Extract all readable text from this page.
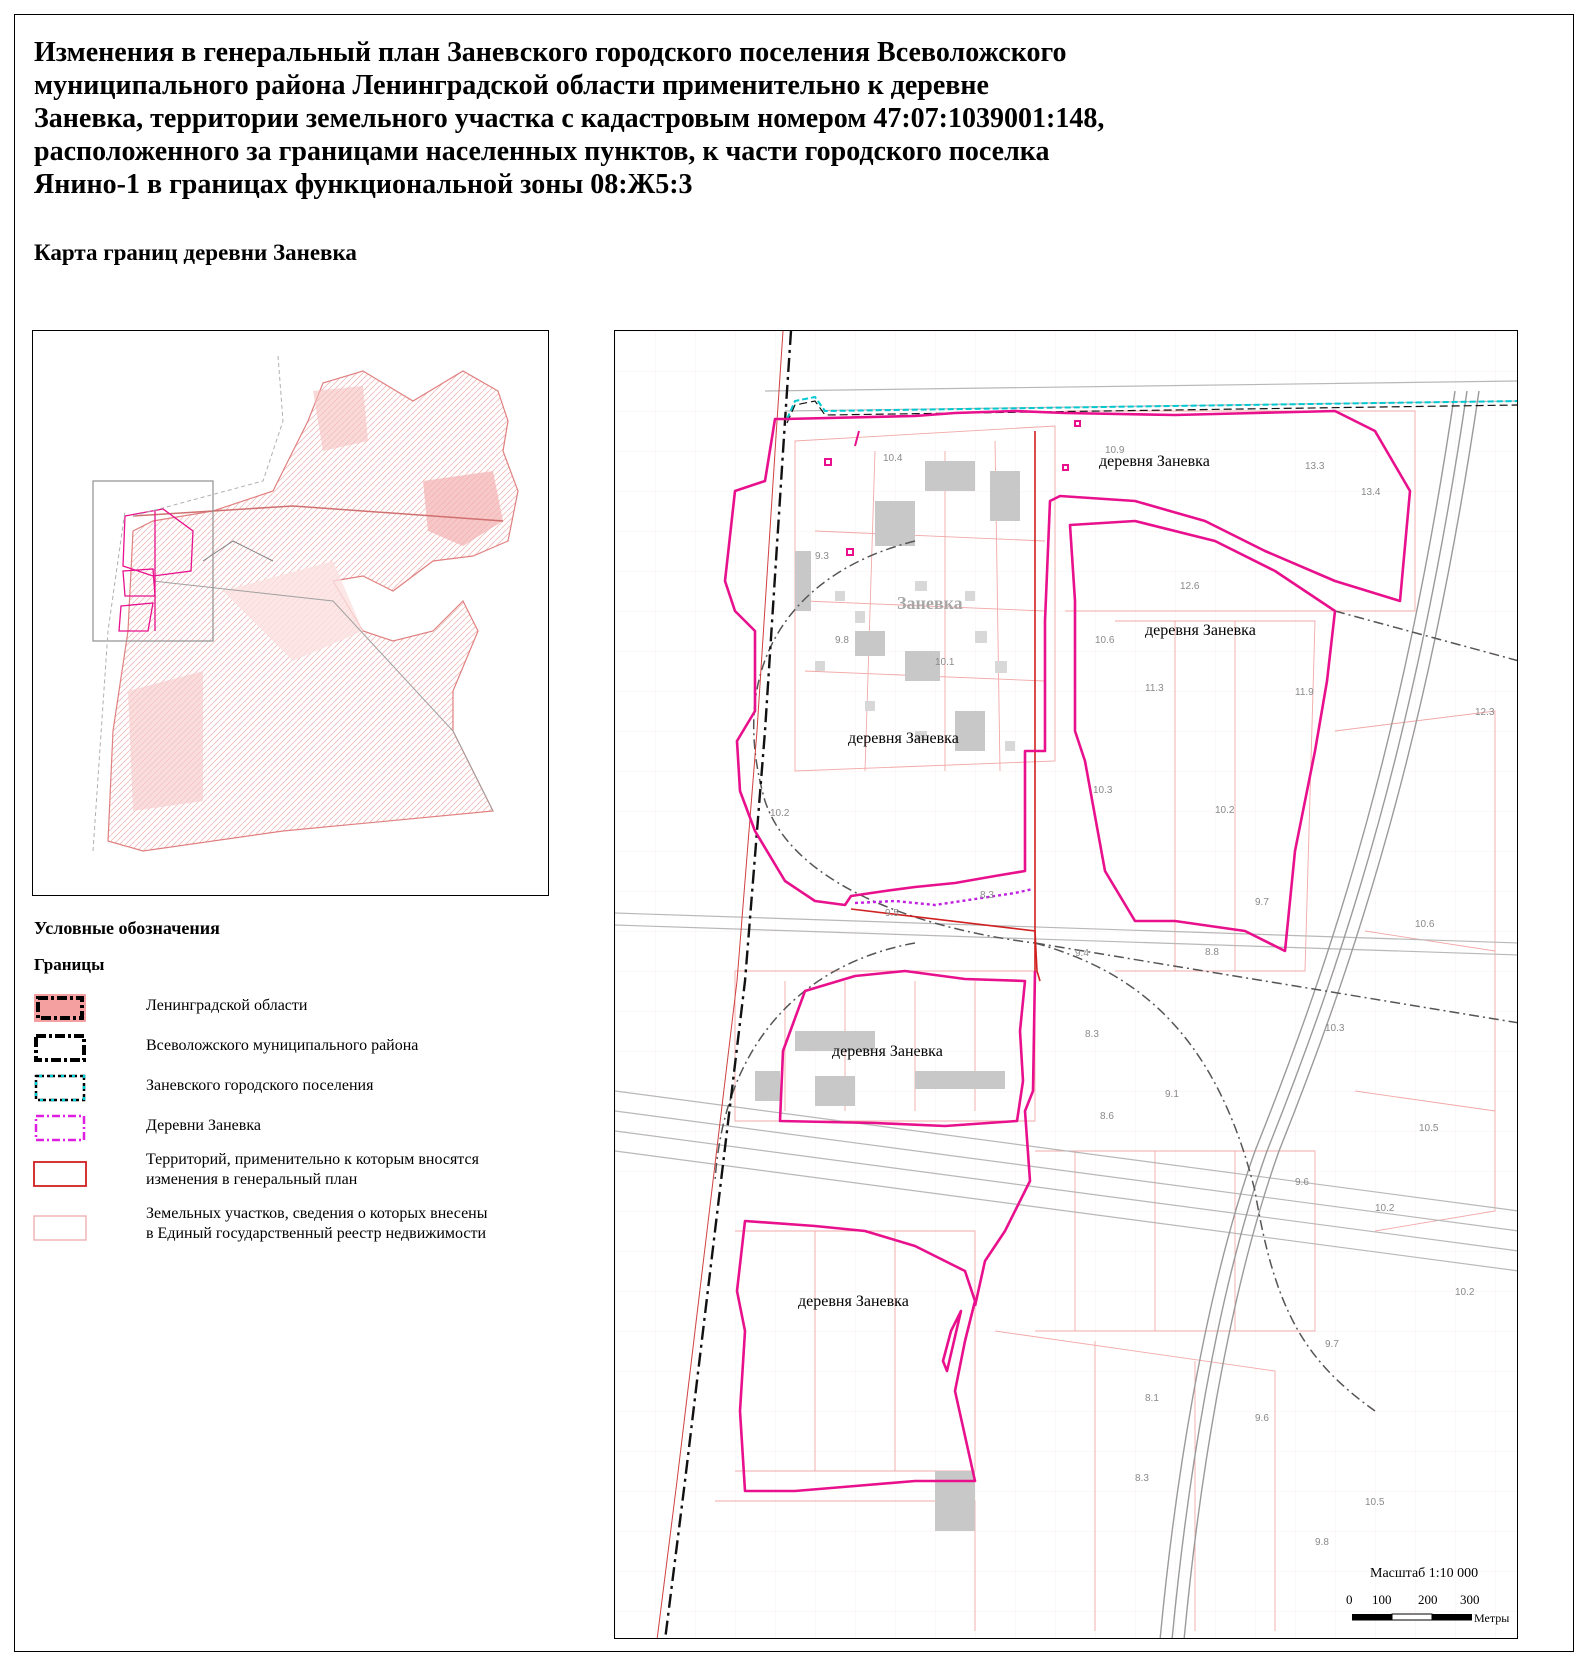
Изменения в генеральный план Заневского городского поселения Всеволожского
муниципального района Ленинградской области применительно к деревне
Заневка, территории земельного участка с кадастровым номером 47:07:1039001:148,
расположенного за границами населенных пунктов, к части городского поселка
Янино-1 в границах функциональной зоны 08:Ж5:3
Карта границ деревни Заневка
10.4
9.3
10.9
13.3
13.4
12.6
10.6
11.3	11.9
10.3
10.2
9.7
8.8
10.2
9.5
8.3
9.4
8.3
8.6
9.1
9.6
10.3
10.5
10.2
10.2
9.7
9.6
8.1
8.3
10.5
9.8
12.3
10.6
9.8
10.1
Заневка
деревня Заневка
деревня Заневка
деревня Заневка
деревня Заневка
деревня Заневка
Условные обозначения
Границы
Ленинградской области
Всеволожского муниципального района
Заневского городского поселения
Деревни Заневка
Территорий, применительно к которым вносятся
изменения в генеральный план
Земельных участков, сведения о которых внесены
в Единый государственный реестр недвижимости
Масштаб 1:10 000
0 100 200 300
Метры
